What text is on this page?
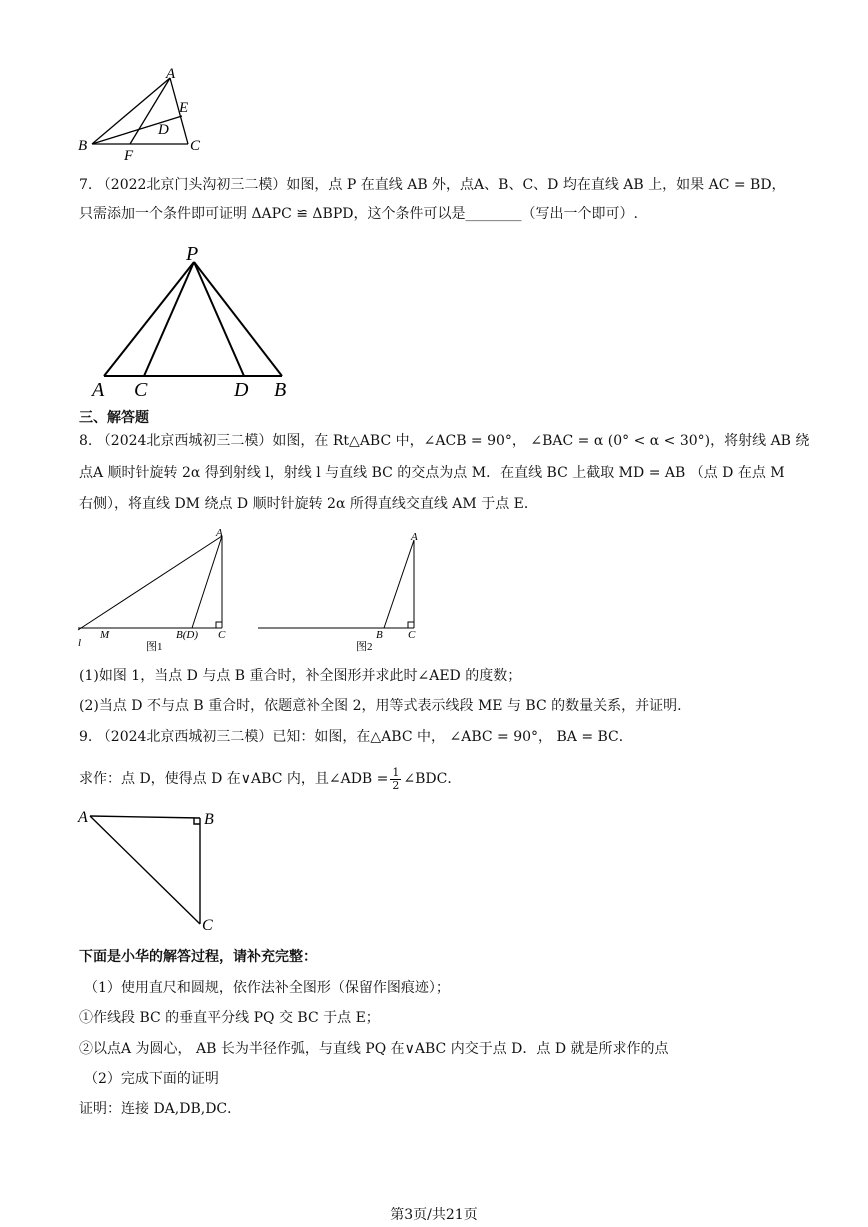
A
E
D
B
F
C
7. （2022北京门头沟初三二模）如图，点 P 在直线 AB 外，点A、B、C、D 均在直线 AB 上，如果 AC = BD，
只需添加一个条件即可证明 ΔAPC ≌ ΔBPD，这个条件可以是________（写出一个即可）.
P
A C	D B
三、解答题
8. （2024北京西城初三二模）如图，在 Rt△ABC 中，∠ACB = 90°， ∠BAC = α (0° < α < 30°)，将射线 AB 绕
点A 顺时针旋转 2α 得到射线 l，射线 l 与直线 BC 的交点为点 M．在直线 BC 上截取 MD = AB （点 D 在点 M
右侧），将直线 DM 绕点 D 顺时针旋转 2α 所得直线交直线 AM 于点 E．
A
l
M	B(D) C
图1
A
B C
图2
(1)如图 1，当点 D 与点 B 重合时，补全图形并求此时∠AED 的度数；
(2)当点 D 不与点 B 重合时，依题意补全图 2，用等式表示线段 ME 与 BC 的数量关系，并证明.
9. （2024北京西城初三二模）已知：如图，在△ABC 中， ∠ABC = 90°， BA = BC．
求作：点 D，使得点 D 在∨ABC 内，且∠ADB = $\frac{1}{2}$ ∠BDC．
A	B
C
下面是小华的解答过程，请补充完整：
（1）使用直尺和圆规，依作法补全图形（保留作图痕迹）；
①作线段 BC 的垂直平分线 PQ 交 BC 于点 E；
②以点A 为圆心， AB 长为半径作弧，与直线 PQ 在∨ABC 内交于点 D．点 D 就是所求作的点
（2）完成下面的证明
证明：连接 DA,DB,DC．
第3页/共21页
